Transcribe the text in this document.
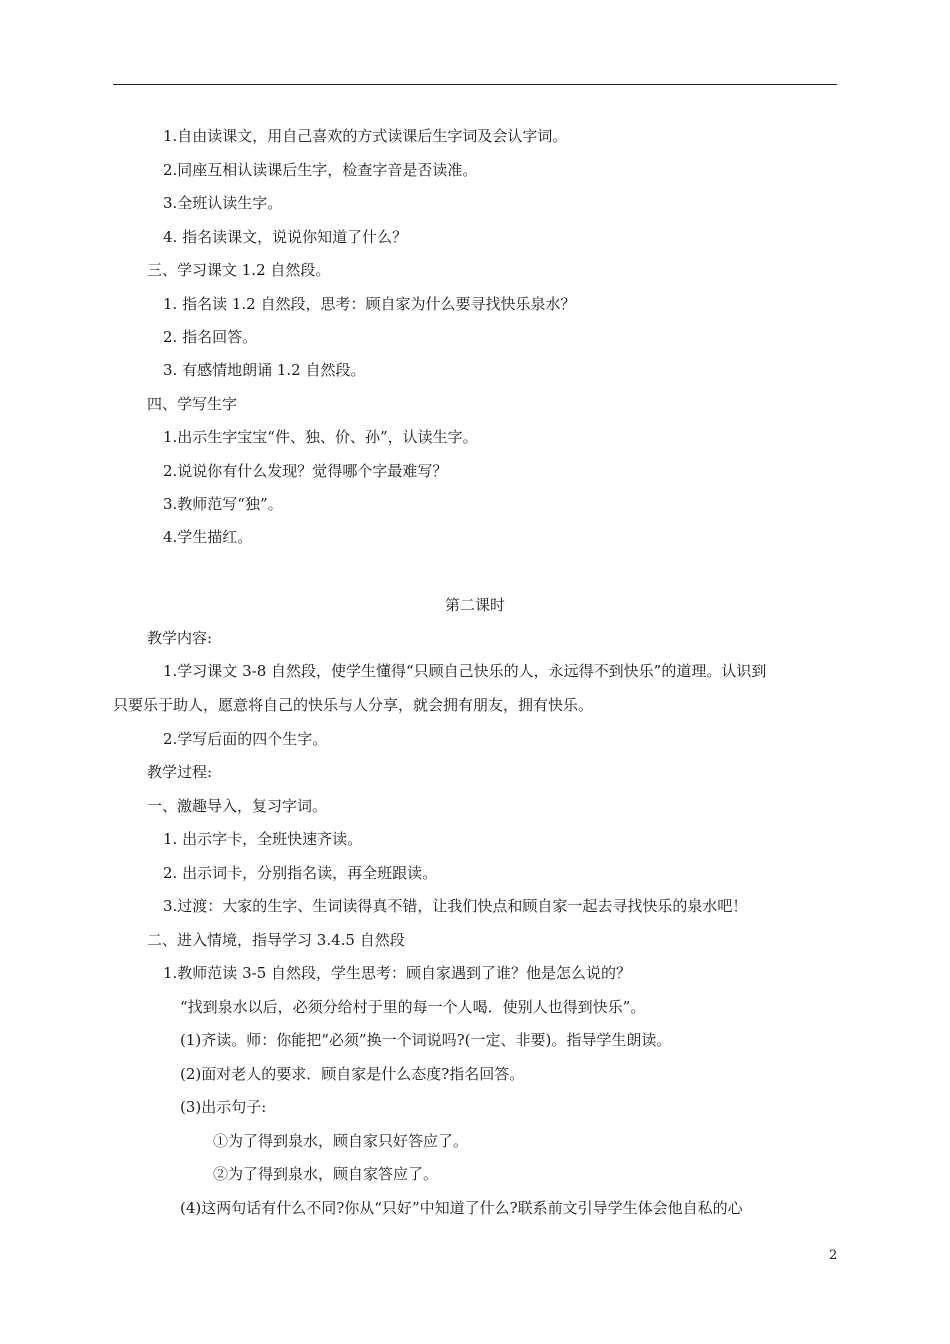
1.自由读课文，用自己喜欢的方式读课后生字词及会认字词。
2.同座互相认读课后生字，检查字音是否读准。
3.全班认读生字。
4. 指名读课文，说说你知道了什么？
三、学习课文 1.2 自然段。
1. 指名读 1.2 自然段，思考：顾自家为什么要寻找快乐泉水？
2. 指名回答。
3. 有感情地朗诵 1.2 自然段。
四、学写生字
1.出示生字宝宝“件、独、价、孙”，认读生字。
2.说说你有什么发现？觉得哪个字最难写？
3.教师范写“独”。
4.学生描红。
第二课时
教学内容:
1.学习课文 3-8 自然段，使学生懂得“只顾自己快乐的人，永远得不到快乐”的道理。认识到
只要乐于助人，愿意将自己的快乐与人分享，就会拥有朋友，拥有快乐。
2.学写后面的四个生字。
教学过程:
一、激趣导入，复习字词。
1. 出示字卡，全班快速齐读。
2. 出示词卡，分别指名读，再全班跟读。
3.过渡：大家的生字、生词读得真不错，让我们快点和顾自家一起去寻找快乐的泉水吧！
二、进入情境，指导学习 3.4.5 自然段
1.教师范读 3-5 自然段，学生思考：顾自家遇到了谁？他是怎么说的？
“找到泉水以后，必须分给村于里的每一个人喝．使别人也得到快乐”。
(1)齐读。师：你能把“必须”换一个词说吗?(一定、非要)。指导学生朗读。
(2)面对老人的要求．顾自家是什么态度?指名回答。
(3)出示句子:
①为了得到泉水，顾自家只好答应了。
②为了得到泉水，顾自家答应了。
(4)这两句话有什么不同?你从“只好”中知道了什么?联系前文引导学生体会他自私的心
2
